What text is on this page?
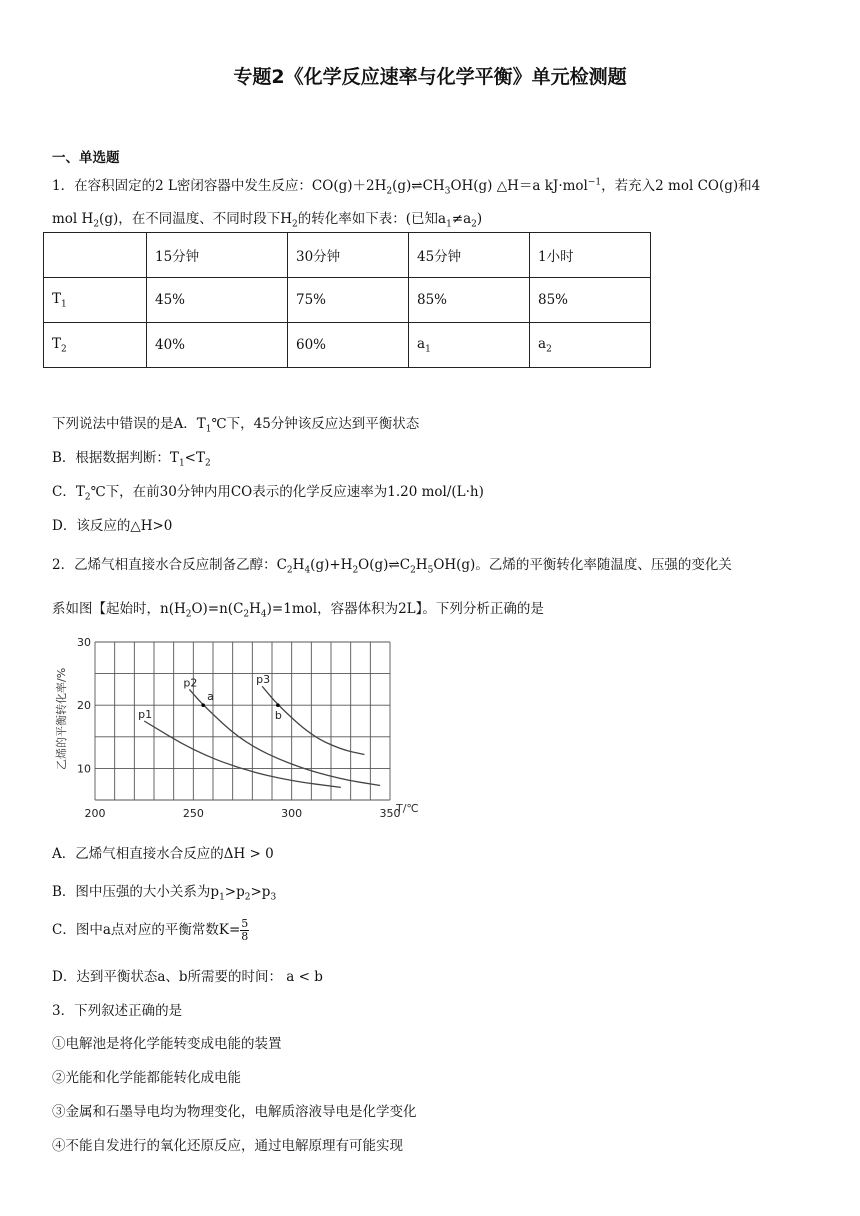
专题2《化学反应速率与化学平衡》单元检测题
一、单选题
1．在容积固定的2 L密闭容器中发生反应：$CO(g)+2H_2(g)\rightleftharpoons CH_3OH(g)$ △H＝a kJ·mol$^{-1}$，若充入2 mol CO(g)和4
mol $H_2(g)$，在不同温度、不同时段下$H_2$的转化率如下表：(已知$a_1\ne a_2$)
	15分钟	30分钟	45分钟	1小时
$T_1$	45%	75%	85%	85%
$T_2$	40%	60%	$a_1$	$a_2$
下列说法中错误的是A．$T_1℃$下，45分钟该反应达到平衡状态
B．根据数据判断：$T_1<T_2$
C．$T_2℃$下，在前30分钟内用CO表示的化学反应速率为1.20 mol/(L·h)
D．该反应的△H>0
2．乙烯气相直接水合反应制备乙醇：$C_2H_4(g)+H_2O(g)\rightleftharpoons C_2H_5OH(g)$。乙烯的平衡转化率随温度、压强的变化关
系如图【起始时，$n(H_2O)=n(C_2H_4)=1mol$，容器体积为2L】。下列分析正确的是
200	250	300	350
10
20
30
p1
p2	p3
a
b
乙烯的平衡转化率/%
T/℃
A．乙烯气相直接水合反应的ΔH > 0
B．图中压强的大小关系为$p_1>p_2>p_3$
C．图中a点对应的平衡常数$K= \frac{5}{8}$
D．达到平衡状态a、b所需要的时间： a < b
3．下列叙述正确的是
①电解池是将化学能转变成电能的装置
②光能和化学能都能转化成电能
③金属和石墨导电均为物理变化，电解质溶液导电是化学变化
④不能自发进行的氧化还原反应，通过电解原理有可能实现
